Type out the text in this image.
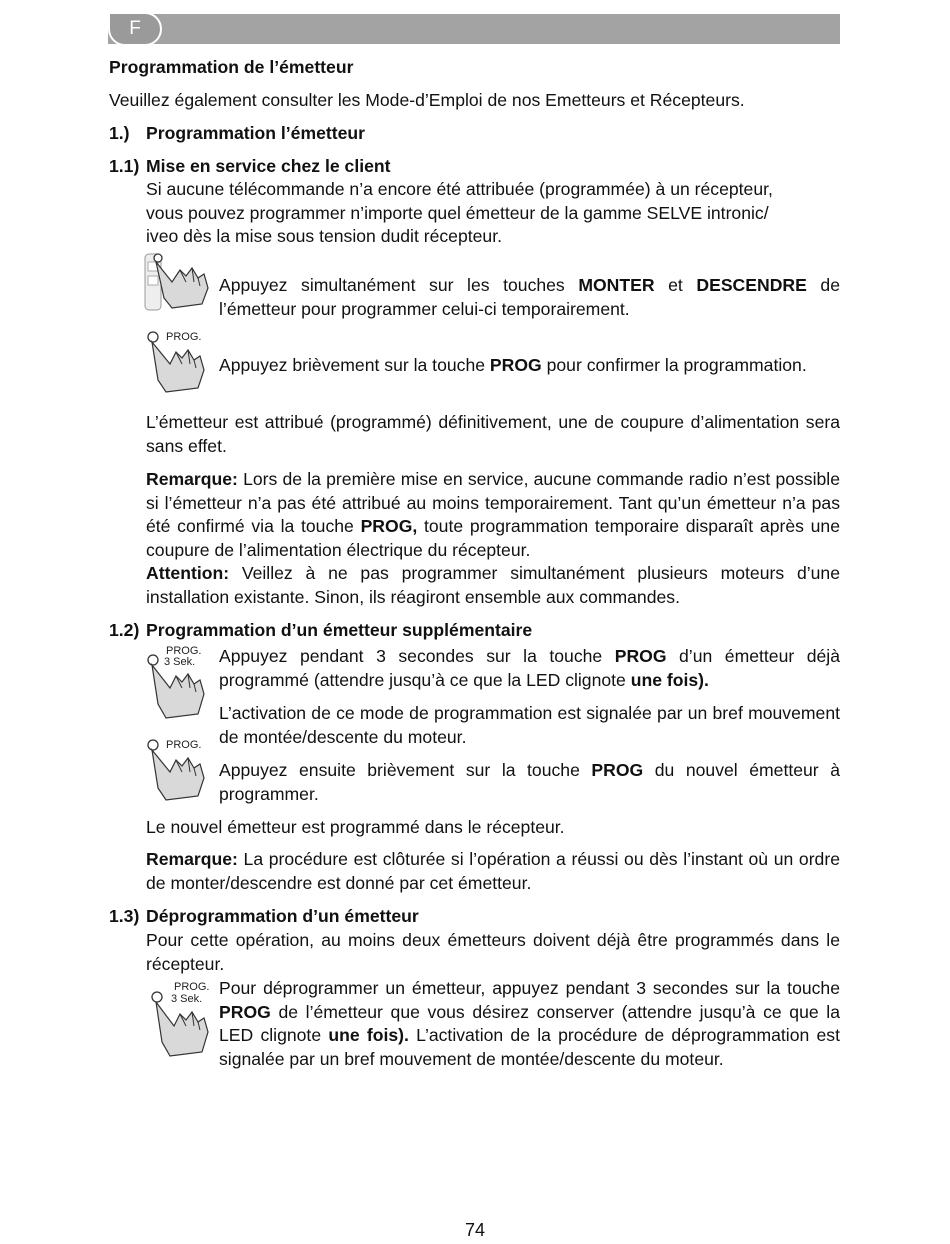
F
Programmation de l’émetteur
Veuillez également consulter les Mode-d’Emploi de nos Emetteurs et Récepteurs.
1.) Programmation l’émetteur
1.1) Mise en service chez le client
Si aucune télécommande n’a encore été attribuée (programmée) à un récepteur,
vous pouvez programmer n’importe quel émetteur de la gamme SELVE intronic/
iveo dès la mise sous tension dudit récepteur.
Appuyez simultanément sur les touches MONTER et DESCENDRE de l’émetteur pour programmer celui-ci temporairement.
PROG.
Appuyez brièvement sur la touche PROG pour confirmer la programmation.
L’émetteur est attribué (programmé) définitivement, une de coupure d’alimentation sera sans effet.
Remarque: Lors de la première mise en service, aucune commande radio n’est possible si l’émetteur n’a pas été attribué au moins temporairement. Tant qu’un émetteur n’a pas été confirmé via la touche PROG, toute programmation temporaire disparaît après une coupure de l’alimentation électrique du récepteur.
Attention: Veillez à ne pas programmer simultanément plusieurs moteurs d’une installation existante. Sinon, ils réagiront ensemble aux commandes.
1.2) Programmation d’un émetteur supplémentaire
PROG.
3 Sek. Appuyez pendant 3 secondes sur la touche PROG d’un émetteur déjà programmé (attendre jusqu’à ce que la LED clignote une fois).
L’activation de ce mode de programmation est signalée par un bref mouvement de montée/descente du moteur.
PROG.
Appuyez ensuite brièvement sur la touche PROG du nouvel émetteur à programmer.
Le nouvel émetteur est programmé dans le récepteur.
Remarque: La procédure est clôturée si l’opération a réussi ou dès l’instant où un ordre de monter/descendre est donné par cet émetteur.
1.3) Déprogrammation d’un émetteur
Pour cette opération, au moins deux émetteurs doivent déjà être programmés dans le récepteur.
PROG.
3 Sek.
Pour déprogrammer un émetteur, appuyez pendant 3 secondes sur la touche PROG de l’émetteur que vous désirez conserver (attendre jusqu’à ce que la LED clignote une fois). L’activation de la procédure de déprogrammation est signalée par un bref mouvement de montée/descente du moteur.
74
